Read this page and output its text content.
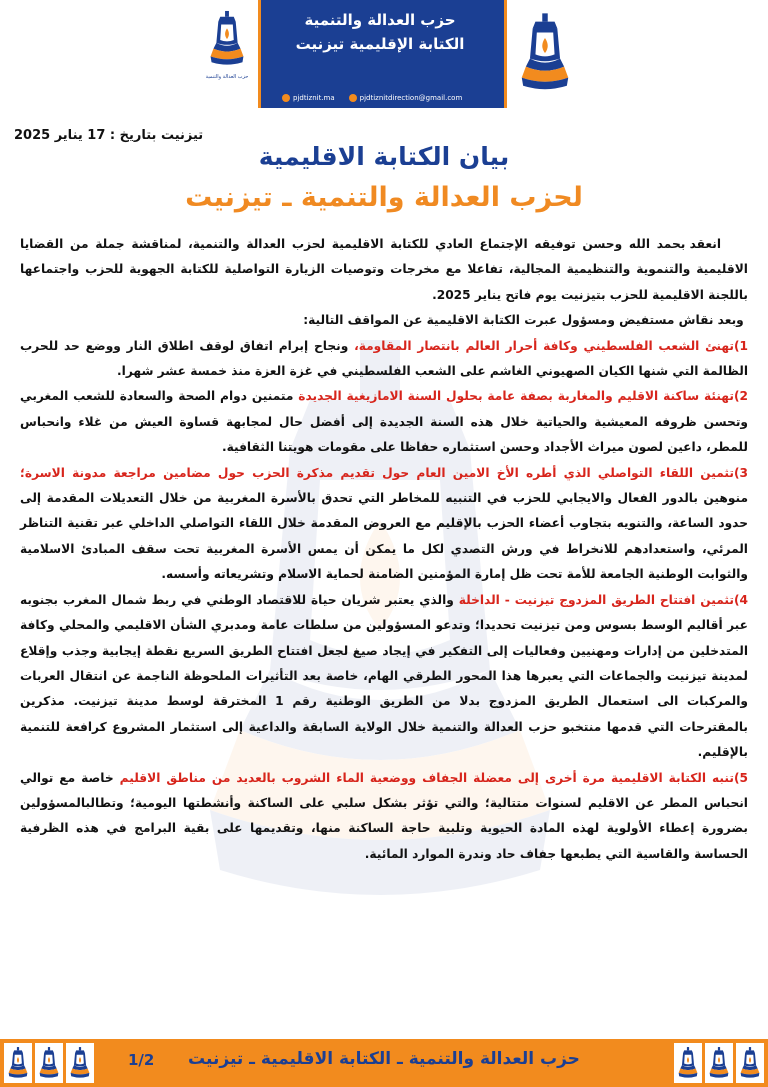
حزب العدالة والتنمية
حزب العدالة والتنمية
الكتابة الإقليمية تيزنيت
pjdtiznit.ma	pjdtiznitdirection@gmail.com
تيزنيت بتاريخ : 17 يناير 2025
بيان الكتابة الاقليمية
لحزب العدالة والتنمية ـ تيزنيت

انعقد بحمد الله وحسن توفيقه الإجتماع العادي للكتابة الاقليمية لحزب العدالة والتنمية، لمناقشة جملة من القضايا الاقليمية والتنموية والتنظيمية المجالية، تفاعلا مع مخرجات وتوصيات الزيارة التواصلية للكتابة الجهوية للحزب واجتماعها باللجنة الاقليمية للحزب بتيزنيت يوم فاتح يناير 2025.

وبعد نقاش مستفيض ومسؤول عبرت الكتابة الاقليمية عن المواقف التالية:

1)تهنئ الشعب الفلسطيني وكافة أحرار العالم بانتصار المقاومة، ونجاح إبرام اتفاق لوقف اطلاق النار ووضع حد للحرب الظالمة التي شنها الكيان الصهيوني الغاشم على الشعب الفلسطيني في غزة العزة منذ خمسة عشر شهرا.

2)تهنئة ساكنة الاقليم والمغاربة بصفة عامة بحلول السنة الامازيغية الجديدة متمنين دوام الصحة والسعادة للشعب المغربي وتحسن ظروفه المعيشية والحياتية خلال هذه السنة الجديدة إلى أفضل حال لمجابهة قساوة العيش من غلاء وانحباس للمطر، داعين لصون ميراث الأجداد وحسن استثماره حفاظا على مقومات هويتنا الثقافية.

3)تثمين اللقاء التواصلي الذي أطره الأخ الامين العام حول تقديم مذكرة الحزب حول مضامين مراجعة مدونة الاسرة؛ منوهين بالدور الفعال والايجابي للحزب في التنبيه للمخاطر التي تحدق بالأسرة المغربية من خلال التعديلات المقدمة إلى حدود الساعة، والتنويه بتجاوب أعضاء الحزب بالإقليم مع العروض المقدمة خلال اللقاء التواصلي الداخلي عبر تقنية التناظر المرئي، واستعدادهم للانخراط في ورش التصدي لكل ما يمكن أن يمس الأسرة المغربية تحت سقف المبادئ الاسلامية والثوابت الوطنية الجامعة للأمة تحت ظل إمارة المؤمنين الضامنة لحماية الاسلام وتشريعاته وأسسه.

4)تثمين افتتاح الطريق المزدوج تيزنيت - الداخلة والذي يعتبر شريان حياة للاقتصاد الوطني في ربط شمال المغرب بجنوبه عبر أقاليم الوسط بسوس ومن تيزنيت تحديدا؛ وتدعو المسؤولين من سلطات عامة ومدبري الشأن الاقليمي والمحلي وكافة المتدخلين من إدارات ومهنيين وفعاليات إلى التفكير في إيجاد صيغ لجعل افتتاح الطريق السريع نقطة إيجابية وجذب وإقلاع لمدينة تيزنيت والجماعات التي يعبرها هذا المحور الطرقي الهام، خاصة بعد التأثيرات الملحوظة الناجمة عن انتقال العربات والمركبات الى استعمال الطريق المزدوج بدلا من الطريق الوطنية رقم 1 المخترقة لوسط مدينة تيزنيت. مذكرين بالمقترحات التي قدمها منتخبو حزب العدالة والتنمية خلال الولاية السابقة والداعية إلى استثمار المشروع كرافعة للتنمية بالإقليم.

5)تنبه الكتابة الاقليمية مرة أخرى إلى معضلة الجفاف ووضعية الماء الشروب بالعديد من مناطق الاقليم خاصة مع توالي انحباس المطر عن الاقليم لسنوات متتالية؛ والتي تؤثر بشكل سلبي على الساكنة وأنشطتها اليومية؛ وتطالبالمسؤولين بضرورة إعطاء الأولوية لهذه المادة الحيوية وتلبية حاجة الساكنة منها، وتقديمها على بقية البرامج في هذه الظرفية الحساسة والقاسية التي يطبعها جفاف حاد وندرة الموارد المائية.

1/2	حزب العدالة والتنمية ـ الكتابة الاقليمية ـ تيزنيت
